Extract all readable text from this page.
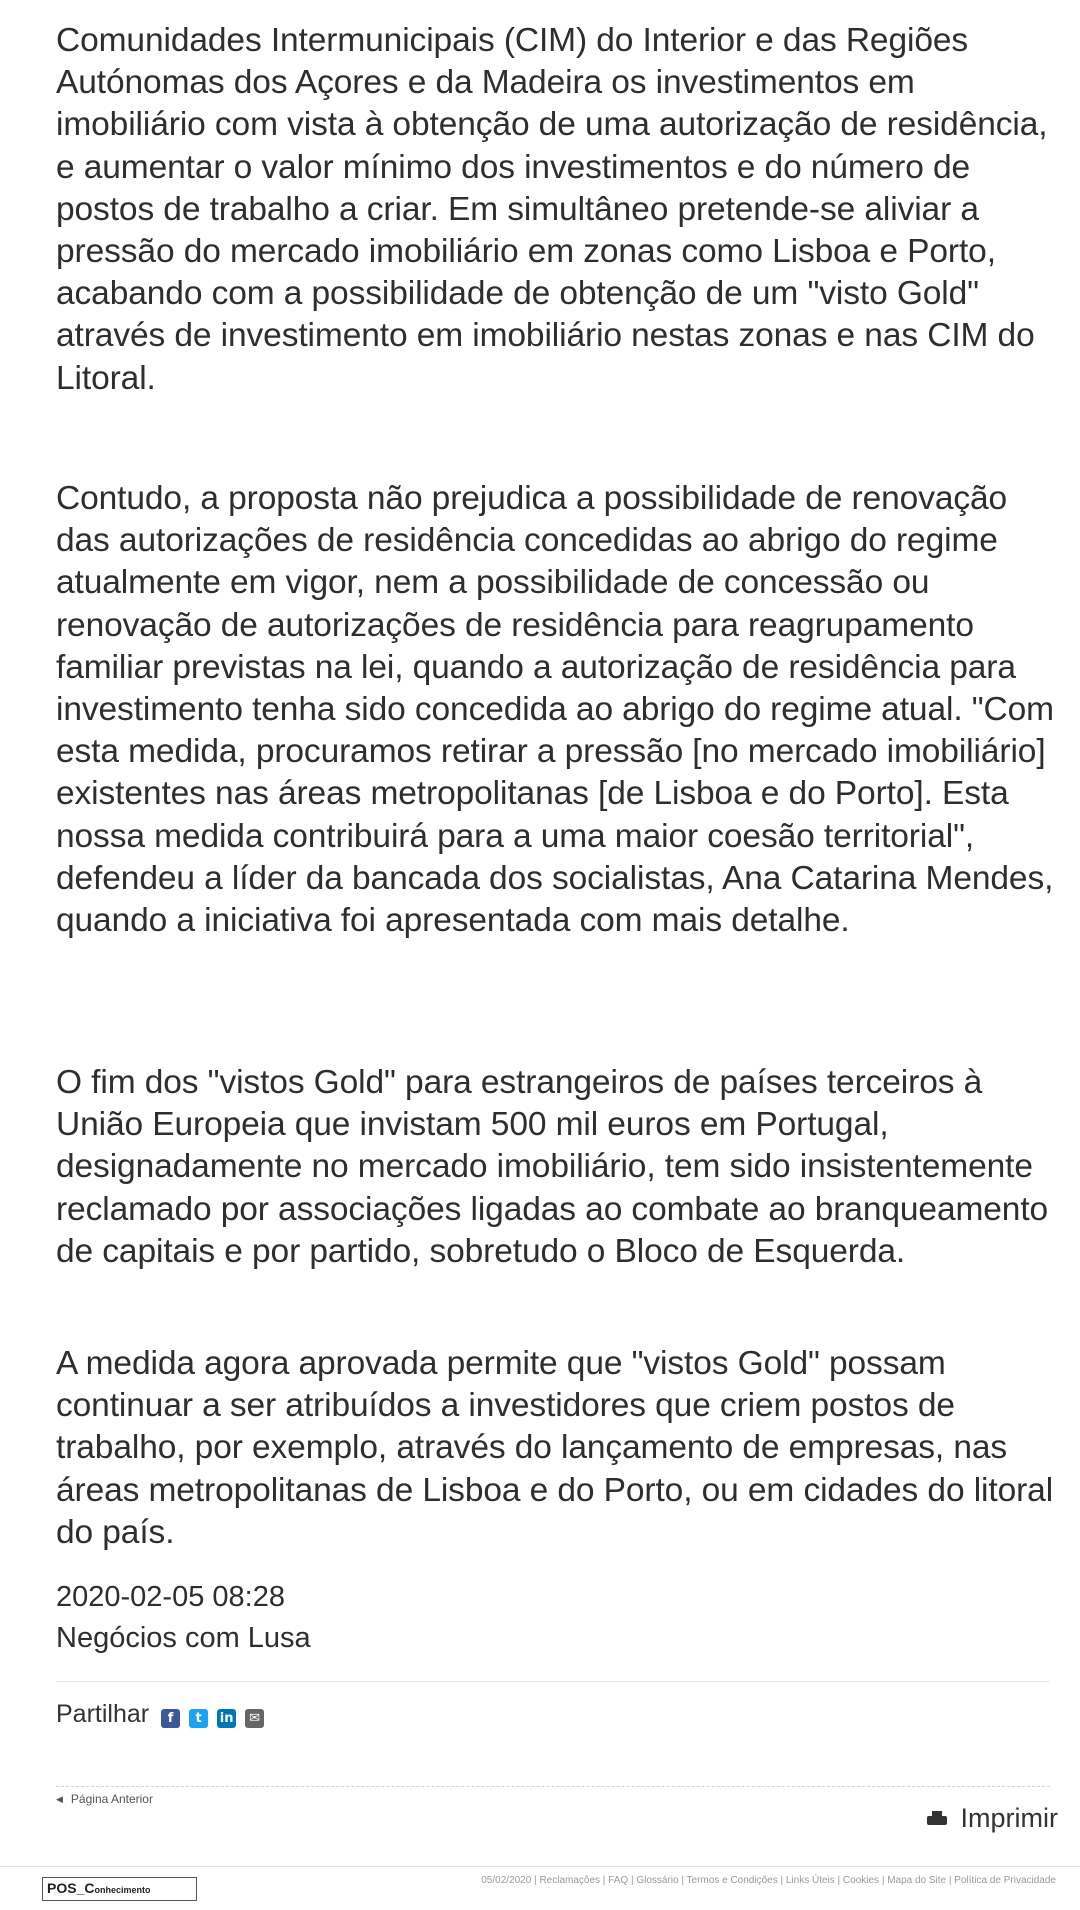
Comunidades Intermunicipais (CIM) do Interior e das Regiões Autónomas dos Açores e da Madeira os investimentos em imobiliário com vista à obtenção de uma autorização de residência, e aumentar o valor mínimo dos investimentos e do número de postos de trabalho a criar. Em simultâneo pretende-se aliviar a pressão do mercado imobiliário em zonas como Lisboa e Porto, acabando com a possibilidade de obtenção de um "visto Gold" através de investimento em imobiliário nestas zonas e nas CIM do Litoral.

Contudo, a proposta não prejudica a possibilidade de renovação das autorizações de residência concedidas ao abrigo do regime atualmente em vigor, nem a possibilidade de concessão ou renovação de autorizações de residência para reagrupamento familiar previstas na lei, quando a autorização de residência para investimento tenha sido concedida ao abrigo do regime atual. "Com esta medida, procuramos retirar a pressão [no mercado imobiliário] existentes nas áreas metropolitanas [de Lisboa e do Porto]. Esta nossa medida contribuirá para a uma maior coesão territorial", defendeu a líder da bancada dos socialistas, Ana Catarina Mendes, quando a iniciativa foi apresentada com mais detalhe.

O fim dos "vistos Gold" para estrangeiros de países terceiros à União Europeia que invistam 500 mil euros em Portugal, designadamente no mercado imobiliário, tem sido insistentemente reclamado por associações ligadas ao combate ao branqueamento de capitais e por partido, sobretudo o Bloco de Esquerda.

A medida agora aprovada permite que "vistos Gold" possam continuar a ser atribuídos a investidores que criem postos de trabalho, por exemplo, através do lançamento de empresas, nas áreas metropolitanas de Lisboa e do Porto, ou em cidades do litoral do país.

2020-02-05 08:28
Negócios com Lusa
Partilhar	f	t	in	✉
◀ Página Anterior
Imprimir
POS_Conhecimento
05/02/2020 | Reclamações | FAQ | Glossário | Termos e Condições | Links Úteis | Cookies | Mapa do Site | Política de Privacidade
